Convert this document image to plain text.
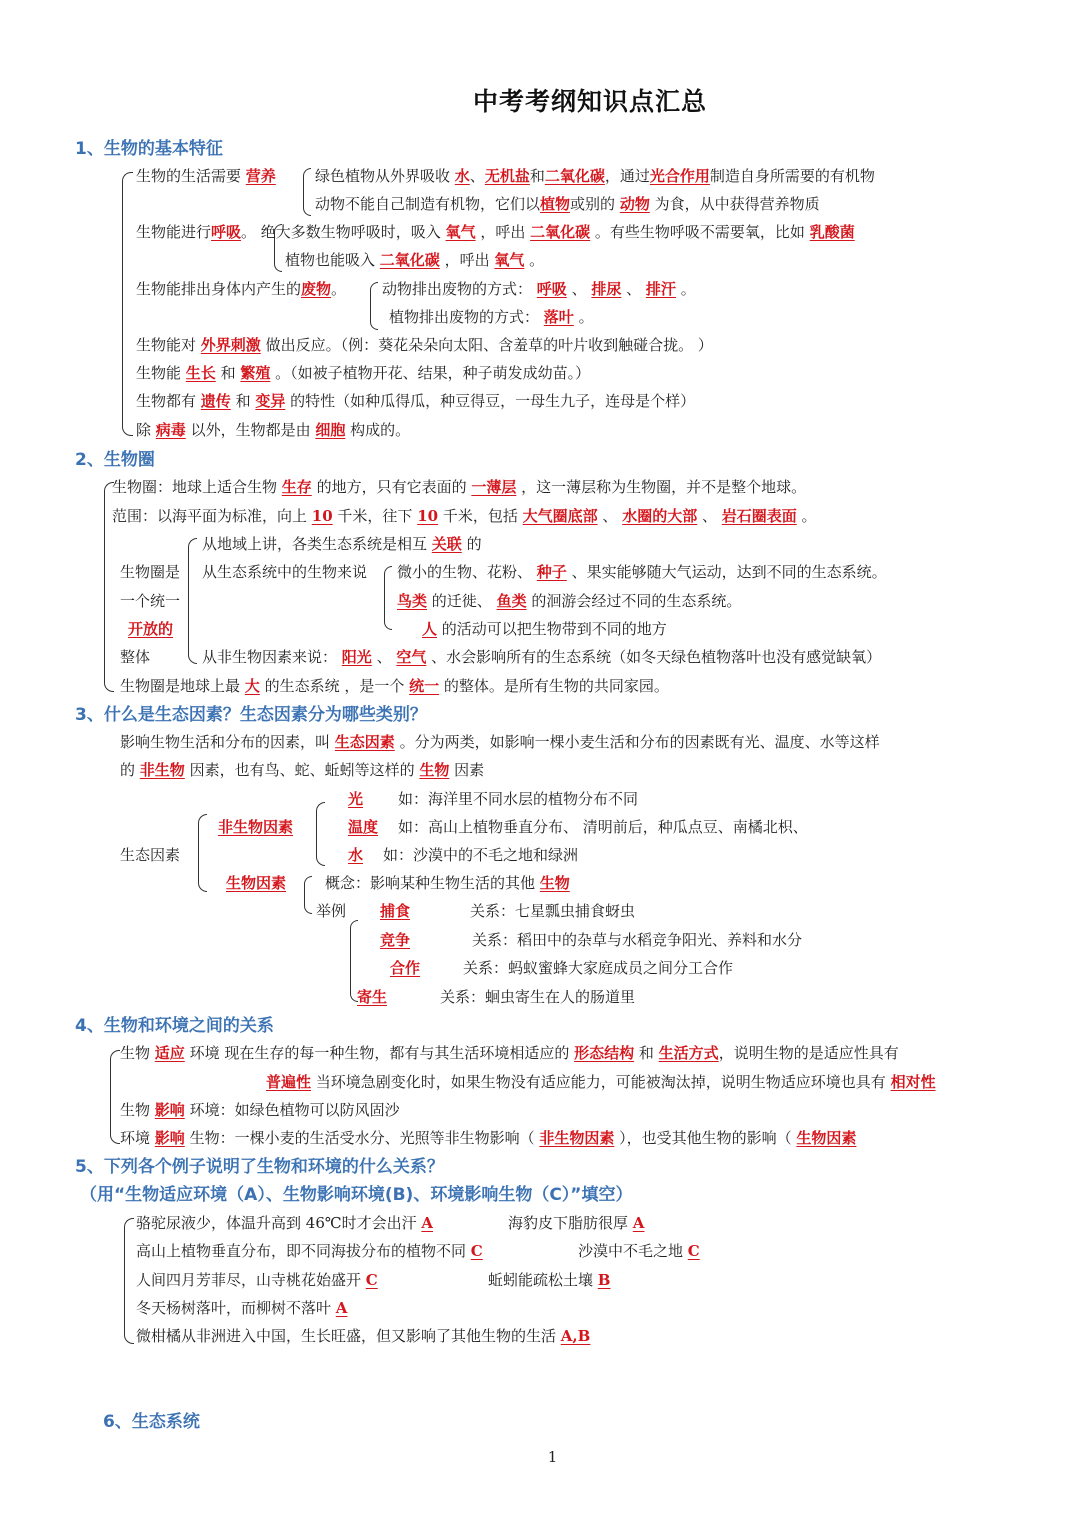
中考考纲知识点汇总
1、生物的基本特征
生物的生活需要 营养	绿色植物从外界吸收 水、无机盐和二氧化碳，通过光合作用制造自身所需要的有机物
动物不能自己制造有机物，它们以植物或别的 动物 为食，从中获得营养物质
生物能进行呼吸。 绝大多数生物呼吸时，吸入 氧气 ，呼出 二氧化碳 。有些生物呼吸不需要氧，比如 乳酸菌
植物也能吸入 二氧化碳 ，呼出 氧气 。
生物能排出身体内产生的废物。 动物排出废物的方式： 呼吸 、 排尿 、 排汗 。
植物排出废物的方式： 落叶 。
生物能对 外界刺激 做出反应。（例：葵花朵朵向太阳、含羞草的叶片收到触碰合拢。 ）
生物能 生长 和 繁殖 。（如被子植物开花、结果，种子萌发成幼苗。）
生物都有 遗传 和 变异 的特性（如种瓜得瓜，种豆得豆，一母生九子，连母是个样）
除 病毒 以外，生物都是由 细胞 构成的。
2、生物圈
生物圈：地球上适合生物 生存 的地方，只有它表面的 一薄层 ，这一薄层称为生物圈，并不是整个地球。
范围：以海平面为标准，向上 10 千米，往下 10 千米，包括 大气圈底部 、 水圈的大部 、 岩石圈表面 。
从地域上讲，各类生态系统是相互 关联 的
生物圈是 从生态系统中的生物来说 微小的生物、花粉、 种子 、果实能够随大气运动，达到不同的生态系统。
一个统一	鸟类 的迁徙、 鱼类 的洄游会经过不同的生态系统。
开放的	人 的活动可以把生物带到不同的地方
整体	从非生物因素来说： 阳光 、 空气 、水会影响所有的生态系统（如冬天绿色植物落叶也没有感觉缺氧）
生物圈是地球上最 大 的生态系统 ，是一个 统一 的整体。是所有生物的共同家园。
3、什么是生态因素？生态因素分为哪些类别？
影响生物生活和分布的因素，叫 生态因素 。分为两类，如影响一棵小麦生活和分布的因素既有光、温度、水等这样
的 非生物 因素，也有鸟、蛇、蚯蚓等这样的 生物 因素
生态因素
非生物因素
光 如：海洋里不同水层的植物分布不同
温度 如：高山上植物垂直分布、 清明前后，种瓜点豆、南橘北枳、
水 如：沙漠中的不毛之地和绿洲
生物因素	概念：影响某种生物生活的其他 生物
举例 捕食	关系：七星瓢虫捕食蚜虫
竞争	关系：稻田中的杂草与水稻竞争阳光、养料和水分
合作	关系：蚂蚁蜜蜂大家庭成员之间分工合作
寄生	关系：蛔虫寄生在人的肠道里
4、生物和环境之间的关系
生物 适应 环境 现在生存的每一种生物，都有与其生活环境相适应的 形态结构 和 生活方式，说明生物的是适应性具有
普遍性 当环境急剧变化时，如果生物没有适应能力，可能被淘汰掉，说明生物适应环境也具有 相对性
生物 影响 环境：如绿色植物可以防风固沙
环境 影响 生物：一棵小麦的生活受水分、光照等非生物影响（ 非生物因素 ），也受其他生物的影响（ 生物因素
5、下列各个例子说明了生物和环境的什么关系？
（用“生物适应环境（A）、生物影响环境(B)、环境影响生物（C）”填空）
骆驼尿液少，体温升高到 46℃时才会出汗 A	海豹皮下脂肪很厚 A
高山上植物垂直分布，即不同海拔分布的植物不同 C	沙漠中不毛之地 C
人间四月芳菲尽，山寺桃花始盛开 C	蚯蚓能疏松土壤 B
冬天杨树落叶，而柳树不落叶 A
微柑橘从非洲进入中国，生长旺盛，但又影响了其他生物的生活 A,B
6、生态系统
1
